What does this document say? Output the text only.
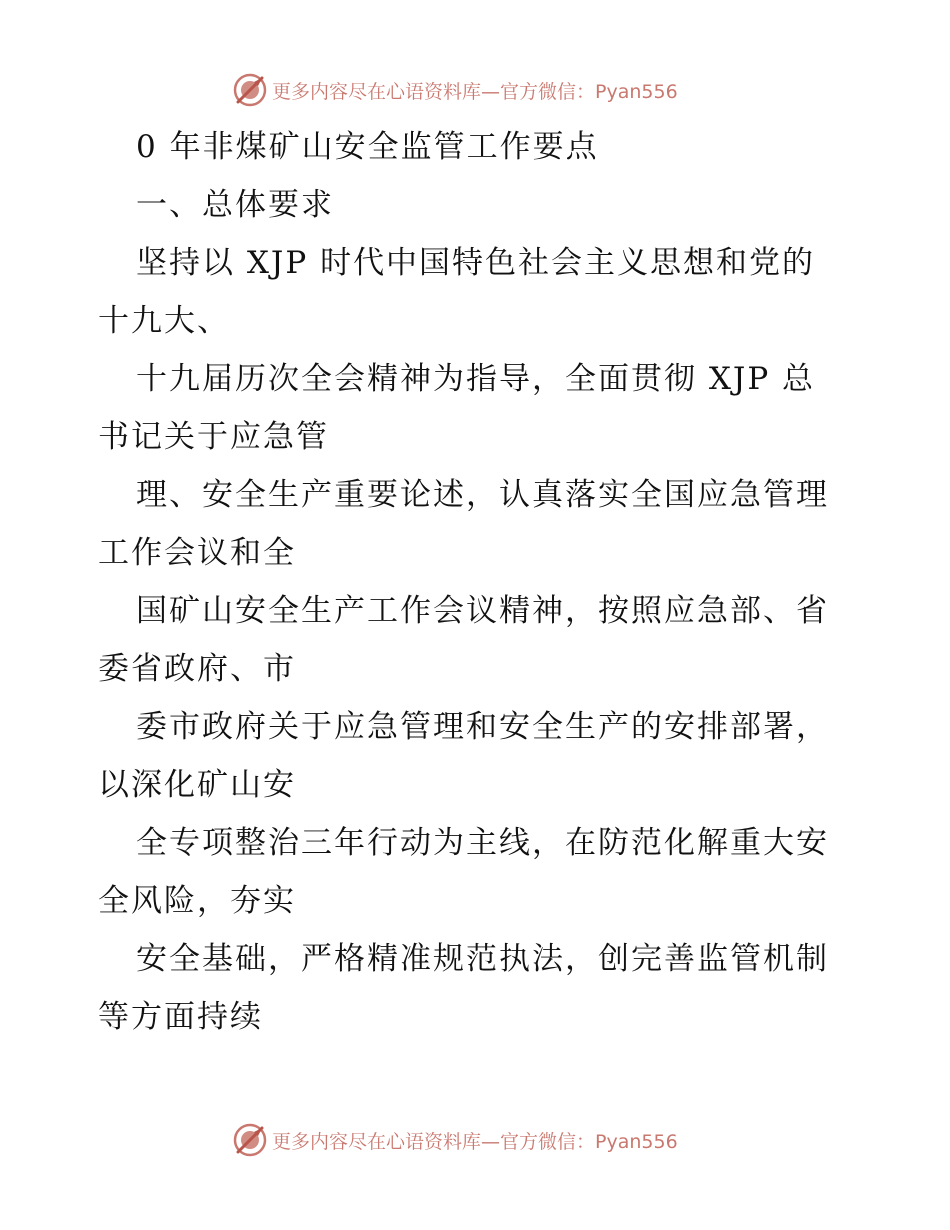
更多内容尽在心语资料库—官方微信：Pyan556
0 年非煤矿山安全监管工作要点
一、总体要求
坚持以 XJP 时代中国特色社会主义思想和党的
十九大、
十九届历次全会精神为指导，全面贯彻 XJP 总
书记关于应急管
理、安全生产重要论述，认真落实全国应急管理
工作会议和全
国矿山安全生产工作会议精神，按照应急部、省
委省政府、市
委市政府关于应急管理和安全生产的安排部署，
以深化矿山安
全专项整治三年行动为主线，在防范化解重大安
全风险，夯实
安全基础，严格精准规范执法，创完善监管机制
等方面持续
更多内容尽在心语资料库—官方微信：Pyan556
